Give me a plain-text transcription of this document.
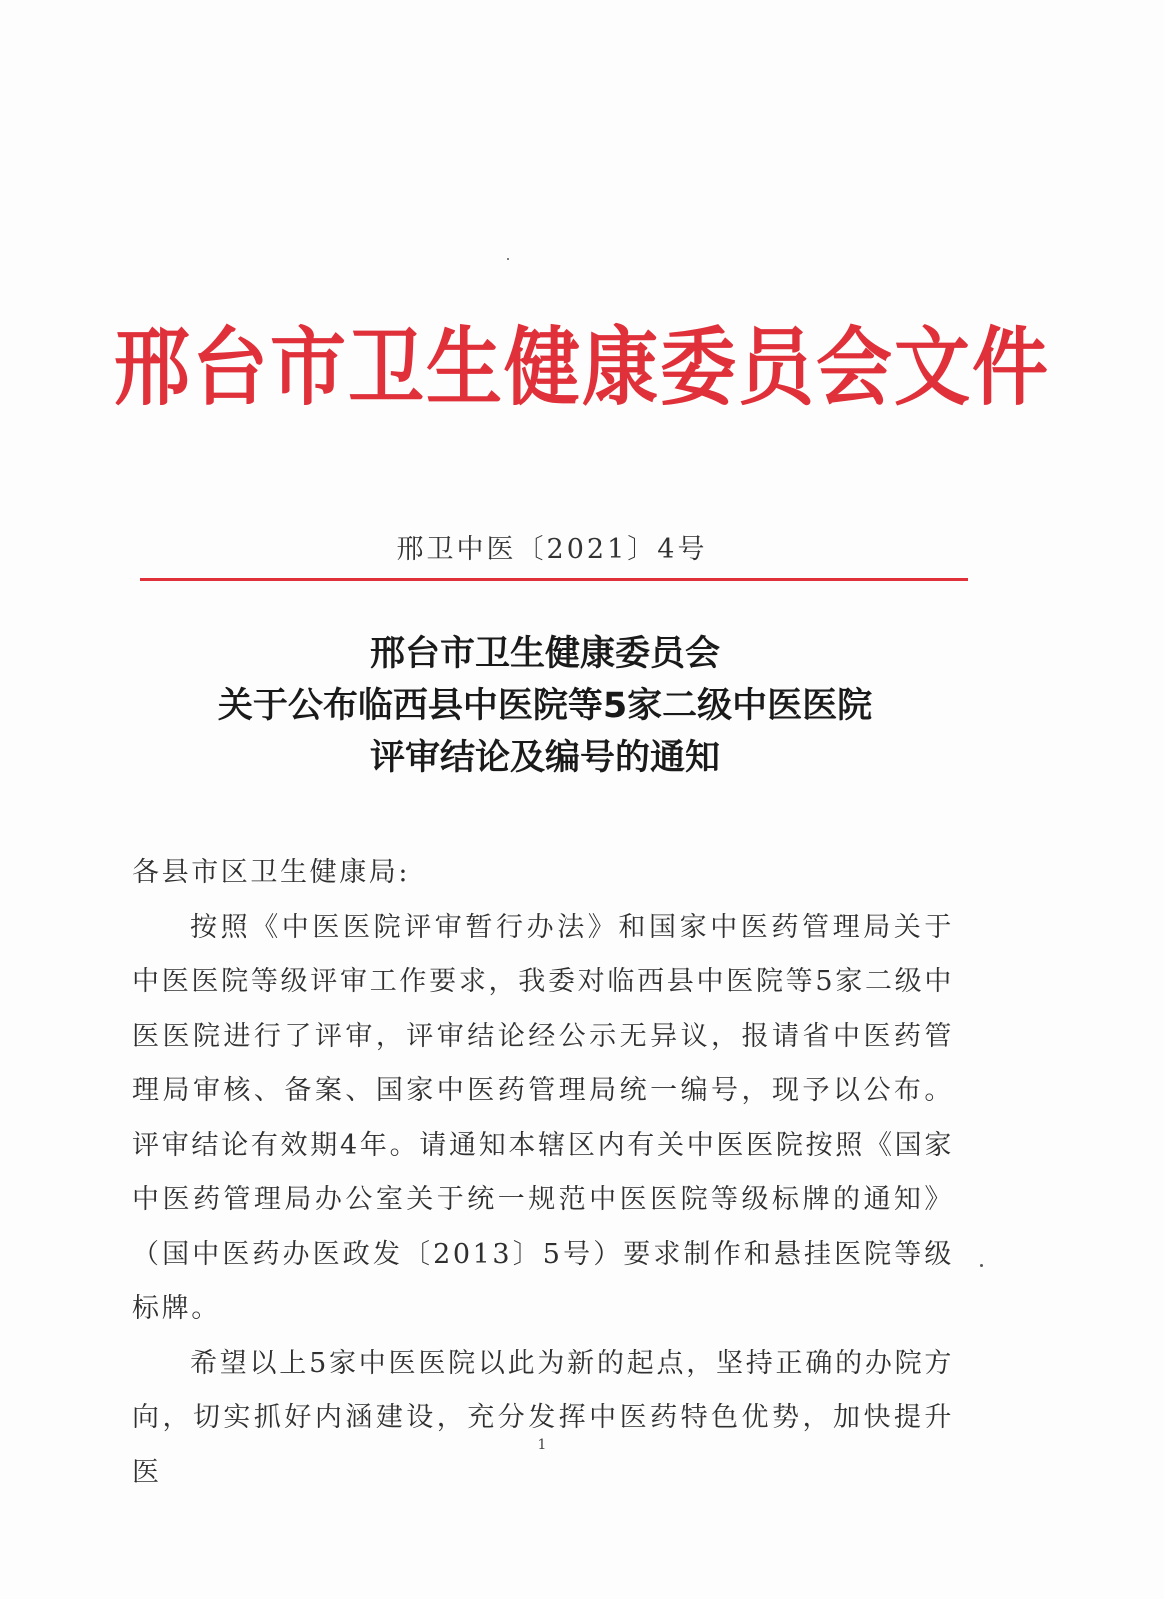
邢台市卫生健康委员会文件
邢卫中医〔2021〕4号
邢台市卫生健康委员会
关于公布临西县中医院等5家二级中医医院
评审结论及编号的通知

各县市区卫生健康局:

按照《中医医院评审暂行办法》和国家中医药管理局关于中医医院等级评审工作要求，我委对临西县中医院等5家二级中医医院进行了评审，评审结论经公示无异议，报请省中医药管理局审核、备案、国家中医药管理局统一编号，现予以公布。评审结论有效期4年。请通知本辖区内有关中医医院按照《国家中医药管理局办公室关于统一规范中医医院等级标牌的通知》（国中医药办医政发〔2013〕5号）要求制作和悬挂医院等级标牌。

希望以上5家中医医院以此为新的起点，坚持正确的办院方向，切实抓好内涵建设，充分发挥中医药特色优势，加快提升医

1
